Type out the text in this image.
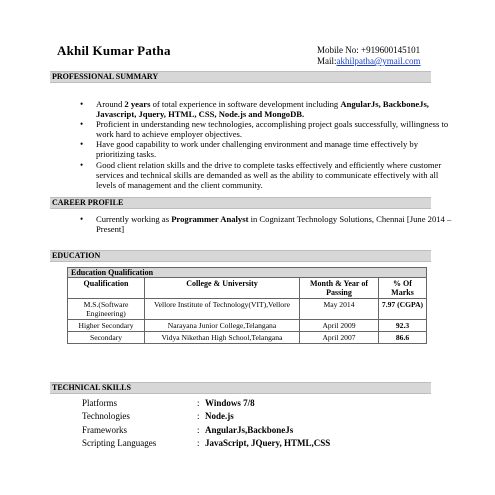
Akhil Kumar Patha	Mobile No: +919600145101
Mail:akhilpatha@ymail.com
PROFESSIONAL SUMMARY
• Around 2 years of total experience in software development including AngularJs, BackboneJs, Javascript, Jquery, HTML, CSS, Node.js and MongoDB.
• Proficient in understanding new technologies, accomplishing project goals successfully, willingness to work hard to achieve employer objectives.
• Have good capability to work under challenging environment and manage time effectively by prioritizing tasks.
• Good client relation skills and the drive to complete tasks effectively and efficiently where customer services and technical skills are demanded as well as the ability to communicate effectively with all levels of management and the client community.
CAREER PROFILE
• Currently working as Programmer Analyst in Cognizant Technology Solutions, Chennai [June 2014 – Present]
EDUCATION
Education Qualification			
Qualification	College & University	Month & Year of Passing	% Of Marks
M.S.(Software Engineering)	Vellore Institute of Technology(VIT),Vellore	May 2014	7.97 (CGPA)
Higher Secondary	Narayana Junior College,Telangana	April 2009	92.3
Secondary	Vidya Nikethan High School,Telangana	April 2007	86.6
TECHNICAL SKILLS
Platforms	: Windows 7/8
Technologies	: Node.js
Frameworks	: AngularJs,BackboneJs
Scripting Languages	: JavaScript, JQuery, HTML,CSS
